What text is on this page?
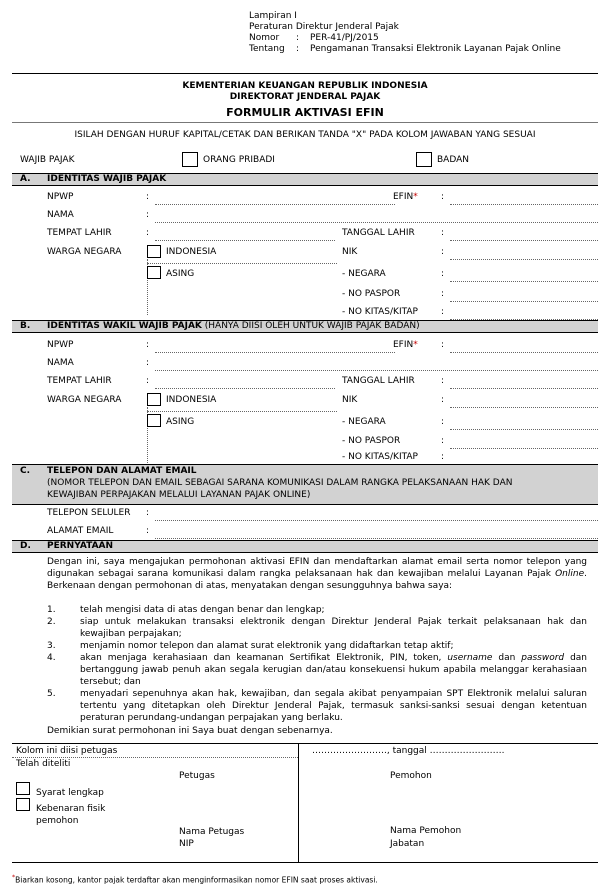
Lampiran I
Peraturan Direktur Jenderal Pajak
Nomor : PER-41/PJ/2015
Tentang : Pengamanan Transaksi Elektronik Layanan Pajak Online
KEMENTERIAN KEUANGAN REPUBLIK INDONESIA
DIREKTORAT JENDERAL PAJAK
FORMULIR AKTIVASI EFIN
ISILAH DENGAN HURUF KAPITAL/CETAK DAN BERIKAN TANDA "X" PADA KOLOM JAWABAN YANG SESUAI
WAJIB PAJAK	ORANG PRIBADI	BADAN
A. IDENTITAS WAJIB PAJAK
NPWP	:	EFIN*	:
NAMA	:
TEMPAT LAHIR	:	TANGGAL LAHIR	:
WARGA NEGARA	INDONESIA	NIK	:
ASING	- NEGARA	:
- NO PASPOR	:
- NO KITAS/KITAP	:
B. IDENTITAS WAKIL WAJIB PAJAK (HANYA DIISI OLEH UNTUK WAJIB PAJAK BADAN)
NPWP	:	EFIN*	:
NAMA	:
TEMPAT LAHIR	:	TANGGAL LAHIR	:
WARGA NEGARA	INDONESIA	NIK	:
ASING	- NEGARA	:
- NO PASPOR	:
- NO KITAS/KITAP	:
C. TELEPON DAN ALAMAT EMAIL
(NOMOR TELEPON DAN EMAIL SEBAGAI SARANA KOMUNIKASI DALAM RANGKA PELAKSANAAN HAK DAN
KEWAJIBAN PERPAJAKAN MELALUI LAYANAN PAJAK ONLINE)
TELEPON SELULER :
ALAMAT EMAIL	:
D. PERNYATAAN
Dengan ini, saya mengajukan permohonan aktivasi EFIN dan mendaftarkan alamat email serta nomor telepon yang digunakan sebagai sarana komunikasi dalam rangka pelaksanaan hak dan kewajiban melalui Layanan Pajak Online. Berkenaan dengan permohonan di atas, menyatakan dengan sesungguhnya bahwa saya:
1.	telah mengisi data di atas dengan benar dan lengkap;
2.	siap untuk melakukan transaksi elektronik dengan Direktur Jenderal Pajak terkait pelaksanaan hak dan kewajiban perpajakan;
3.	menjamin nomor telepon dan alamat surat elektronik yang didaftarkan tetap aktif;
4.	akan menjaga kerahasiaan dan keamanan Sertifikat Elektronik, PIN, token, username dan password dan bertanggung jawab penuh akan segala kerugian dan/atau konsekuensi hukum apabila melanggar kerahasiaan tersebut; dan
5.	menyadari sepenuhnya akan hak, kewajiban, dan segala akibat penyampaian SPT Elektronik melalui saluran tertentu yang ditetapkan oleh Direktur Jenderal Pajak, termasuk sanksi-sanksi sesuai dengan ketentuan peraturan perundang-undangan perpajakan yang berlaku.
Demikian surat permohonan ini Saya buat dengan sebenarnya.
Kolom ini diisi petugas
Telah diteliti
Syarat lengkap
Kebenaran fisik
pemohon
Petugas
Nama Petugas
NIP
……………………., tanggal …………………….
Pemohon
Nama Pemohon
Jabatan
*Biarkan kosong, kantor pajak terdaftar akan menginformasikan nomor EFIN saat proses aktivasi.
